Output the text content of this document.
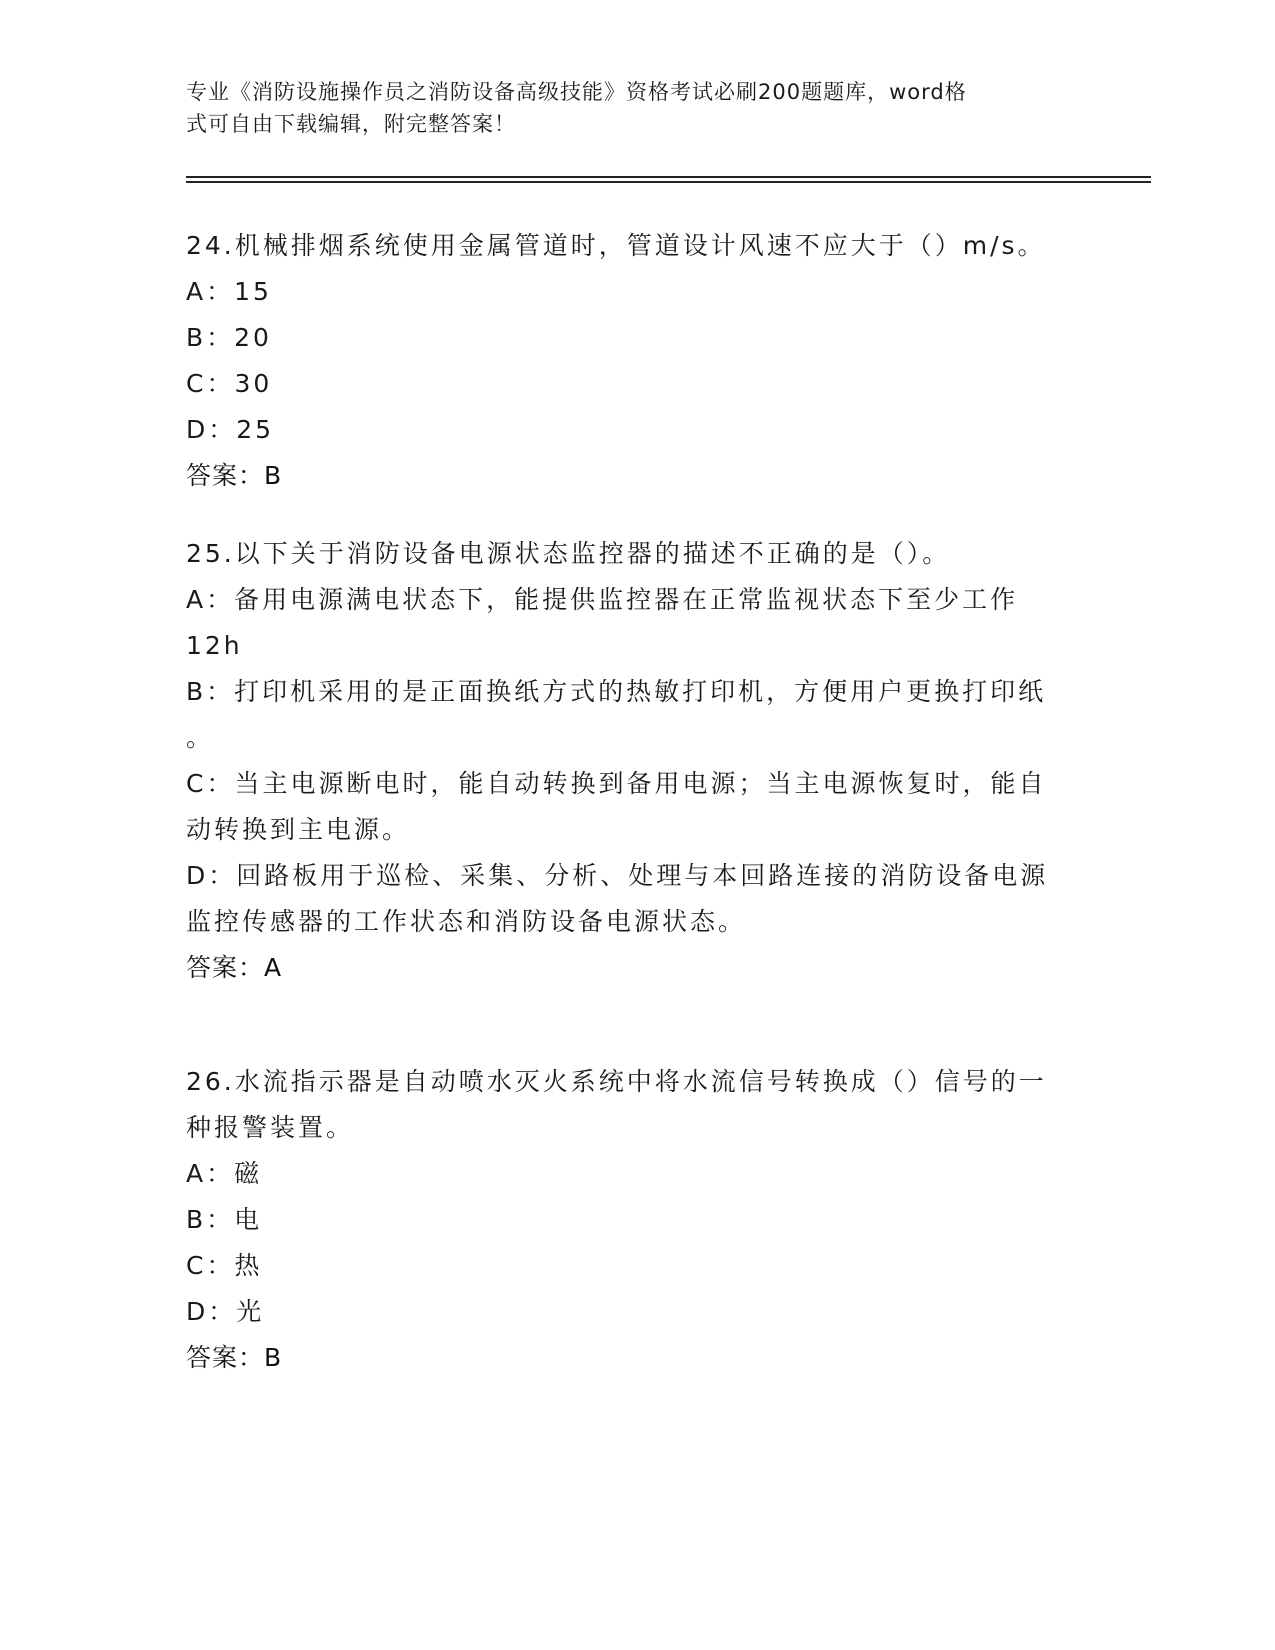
专业《消防设施操作员之消防设备高级技能》资格考试必刷200题题库，word格
式可自由下载编辑，附完整答案！
24.机械排烟系统使用金属管道时，管道设计风速不应大于（）m/s。
A：15
B：20
C：30
D：25
答案：B
25.以下关于消防设备电源状态监控器的描述不正确的是（）。
A：备用电源满电状态下，能提供监控器在正常监视状态下至少工作
12h
B：打印机采用的是正面换纸方式的热敏打印机，方便用户更换打印纸
。
C：当主电源断电时，能自动转换到备用电源；当主电源恢复时，能自
动转换到主电源。
D：回路板用于巡检、采集、分析、处理与本回路连接的消防设备电源
监控传感器的工作状态和消防设备电源状态。
答案：A
26.水流指示器是自动喷水灭火系统中将水流信号转换成（）信号的一
种报警装置。
A：磁
B：电
C：热
D：光
答案：B
